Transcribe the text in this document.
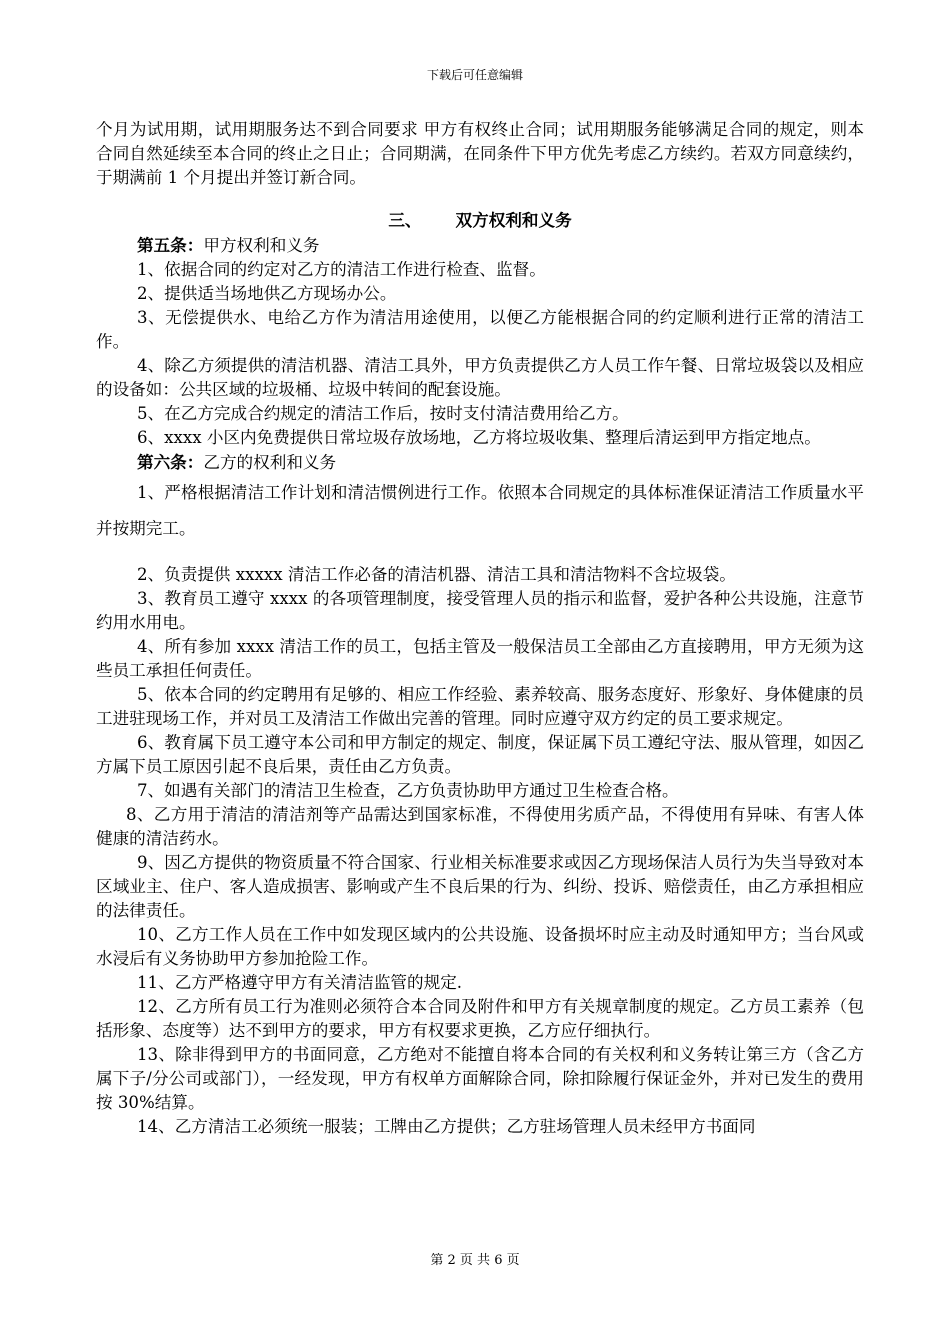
下载后可任意编辑

个月为试用期，试用期服务达不到合同要求 甲方有权终止合同；试用期服务能够满足合同的规定，则本合同自然延续至本合同的终止之日止；合同期满，在同条件下甲方优先考虑乙方续约。若双方同意续约，于期满前 1 个月提出并签订新合同。

三、 双方权利和义务

第五条：甲方权利和义务

1、依据合同的约定对乙方的清洁工作进行检查、监督。

2、提供适当场地供乙方现场办公。

3、无偿提供水、电给乙方作为清洁用途使用，以便乙方能根据合同的约定顺利进行正常的清洁工作。

4、除乙方须提供的清洁机器、清洁工具外，甲方负责提供乙方人员工作午餐、日常垃圾袋以及相应的设备如：公共区域的垃圾桶、垃圾中转间的配套设施。

5、在乙方完成合约规定的清洁工作后，按时支付清洁费用给乙方。

6、xxxx 小区内免费提供日常垃圾存放场地，乙方将垃圾收集、整理后清运到甲方指定地点。

第六条：乙方的权利和义务

1、严格根据清洁工作计划和清洁惯例进行工作。依照本合同规定的具体标准保证清洁工作质量水平并按期完工。

2、负责提供 xxxxx 清洁工作必备的清洁机器、清洁工具和清洁物料不含垃圾袋。

3、教育员工遵守 xxxx 的各项管理制度，接受管理人员的指示和监督，爱护各种公共设施，注意节约用水用电。

4、所有参加 xxxx 清洁工作的员工，包括主管及一般保洁员工全部由乙方直接聘用，甲方无须为这些员工承担任何责任。

5、依本合同的约定聘用有足够的、相应工作经验、素养较高、服务态度好、形象好、身体健康的员工进驻现场工作，并对员工及清洁工作做出完善的管理。同时应遵守双方约定的员工要求规定。

6、教育属下员工遵守本公司和甲方制定的规定、制度，保证属下员工遵纪守法、服从管理，如因乙方属下员工原因引起不良后果，责任由乙方负责。

7、如遇有关部门的清洁卫生检查，乙方负责协助甲方通过卫生检查合格。

8、乙方用于清洁的清洁剂等产品需达到国家标准，不得使用劣质产品，不得使用有异味、有害人体健康的清洁药水。

9、因乙方提供的物资质量不符合国家、行业相关标准要求或因乙方现场保洁人员行为失当导致对本区域业主、住户、客人造成损害、影响或产生不良后果的行为、纠纷、投诉、赔偿责任，由乙方承担相应的法律责任。

10、乙方工作人员在工作中如发现区域内的公共设施、设备损坏时应主动及时通知甲方；当台风或水浸后有义务协助甲方参加抢险工作。

11、乙方严格遵守甲方有关清洁监管的规定.

12、乙方所有员工行为准则必须符合本合同及附件和甲方有关规章制度的规定。乙方员工素养（包括形象、态度等）达不到甲方的要求，甲方有权要求更换，乙方应仔细执行。

13、除非得到甲方的书面同意，乙方绝对不能擅自将本合同的有关权利和义务转让第三方（含乙方属下子/分公司或部门），一经发现，甲方有权单方面解除合同，除扣除履行保证金外，并对已发生的费用按 30%结算。

14、乙方清洁工必须统一服装；工牌由乙方提供；乙方驻场管理人员未经甲方书面同

第 2 页 共 6 页
